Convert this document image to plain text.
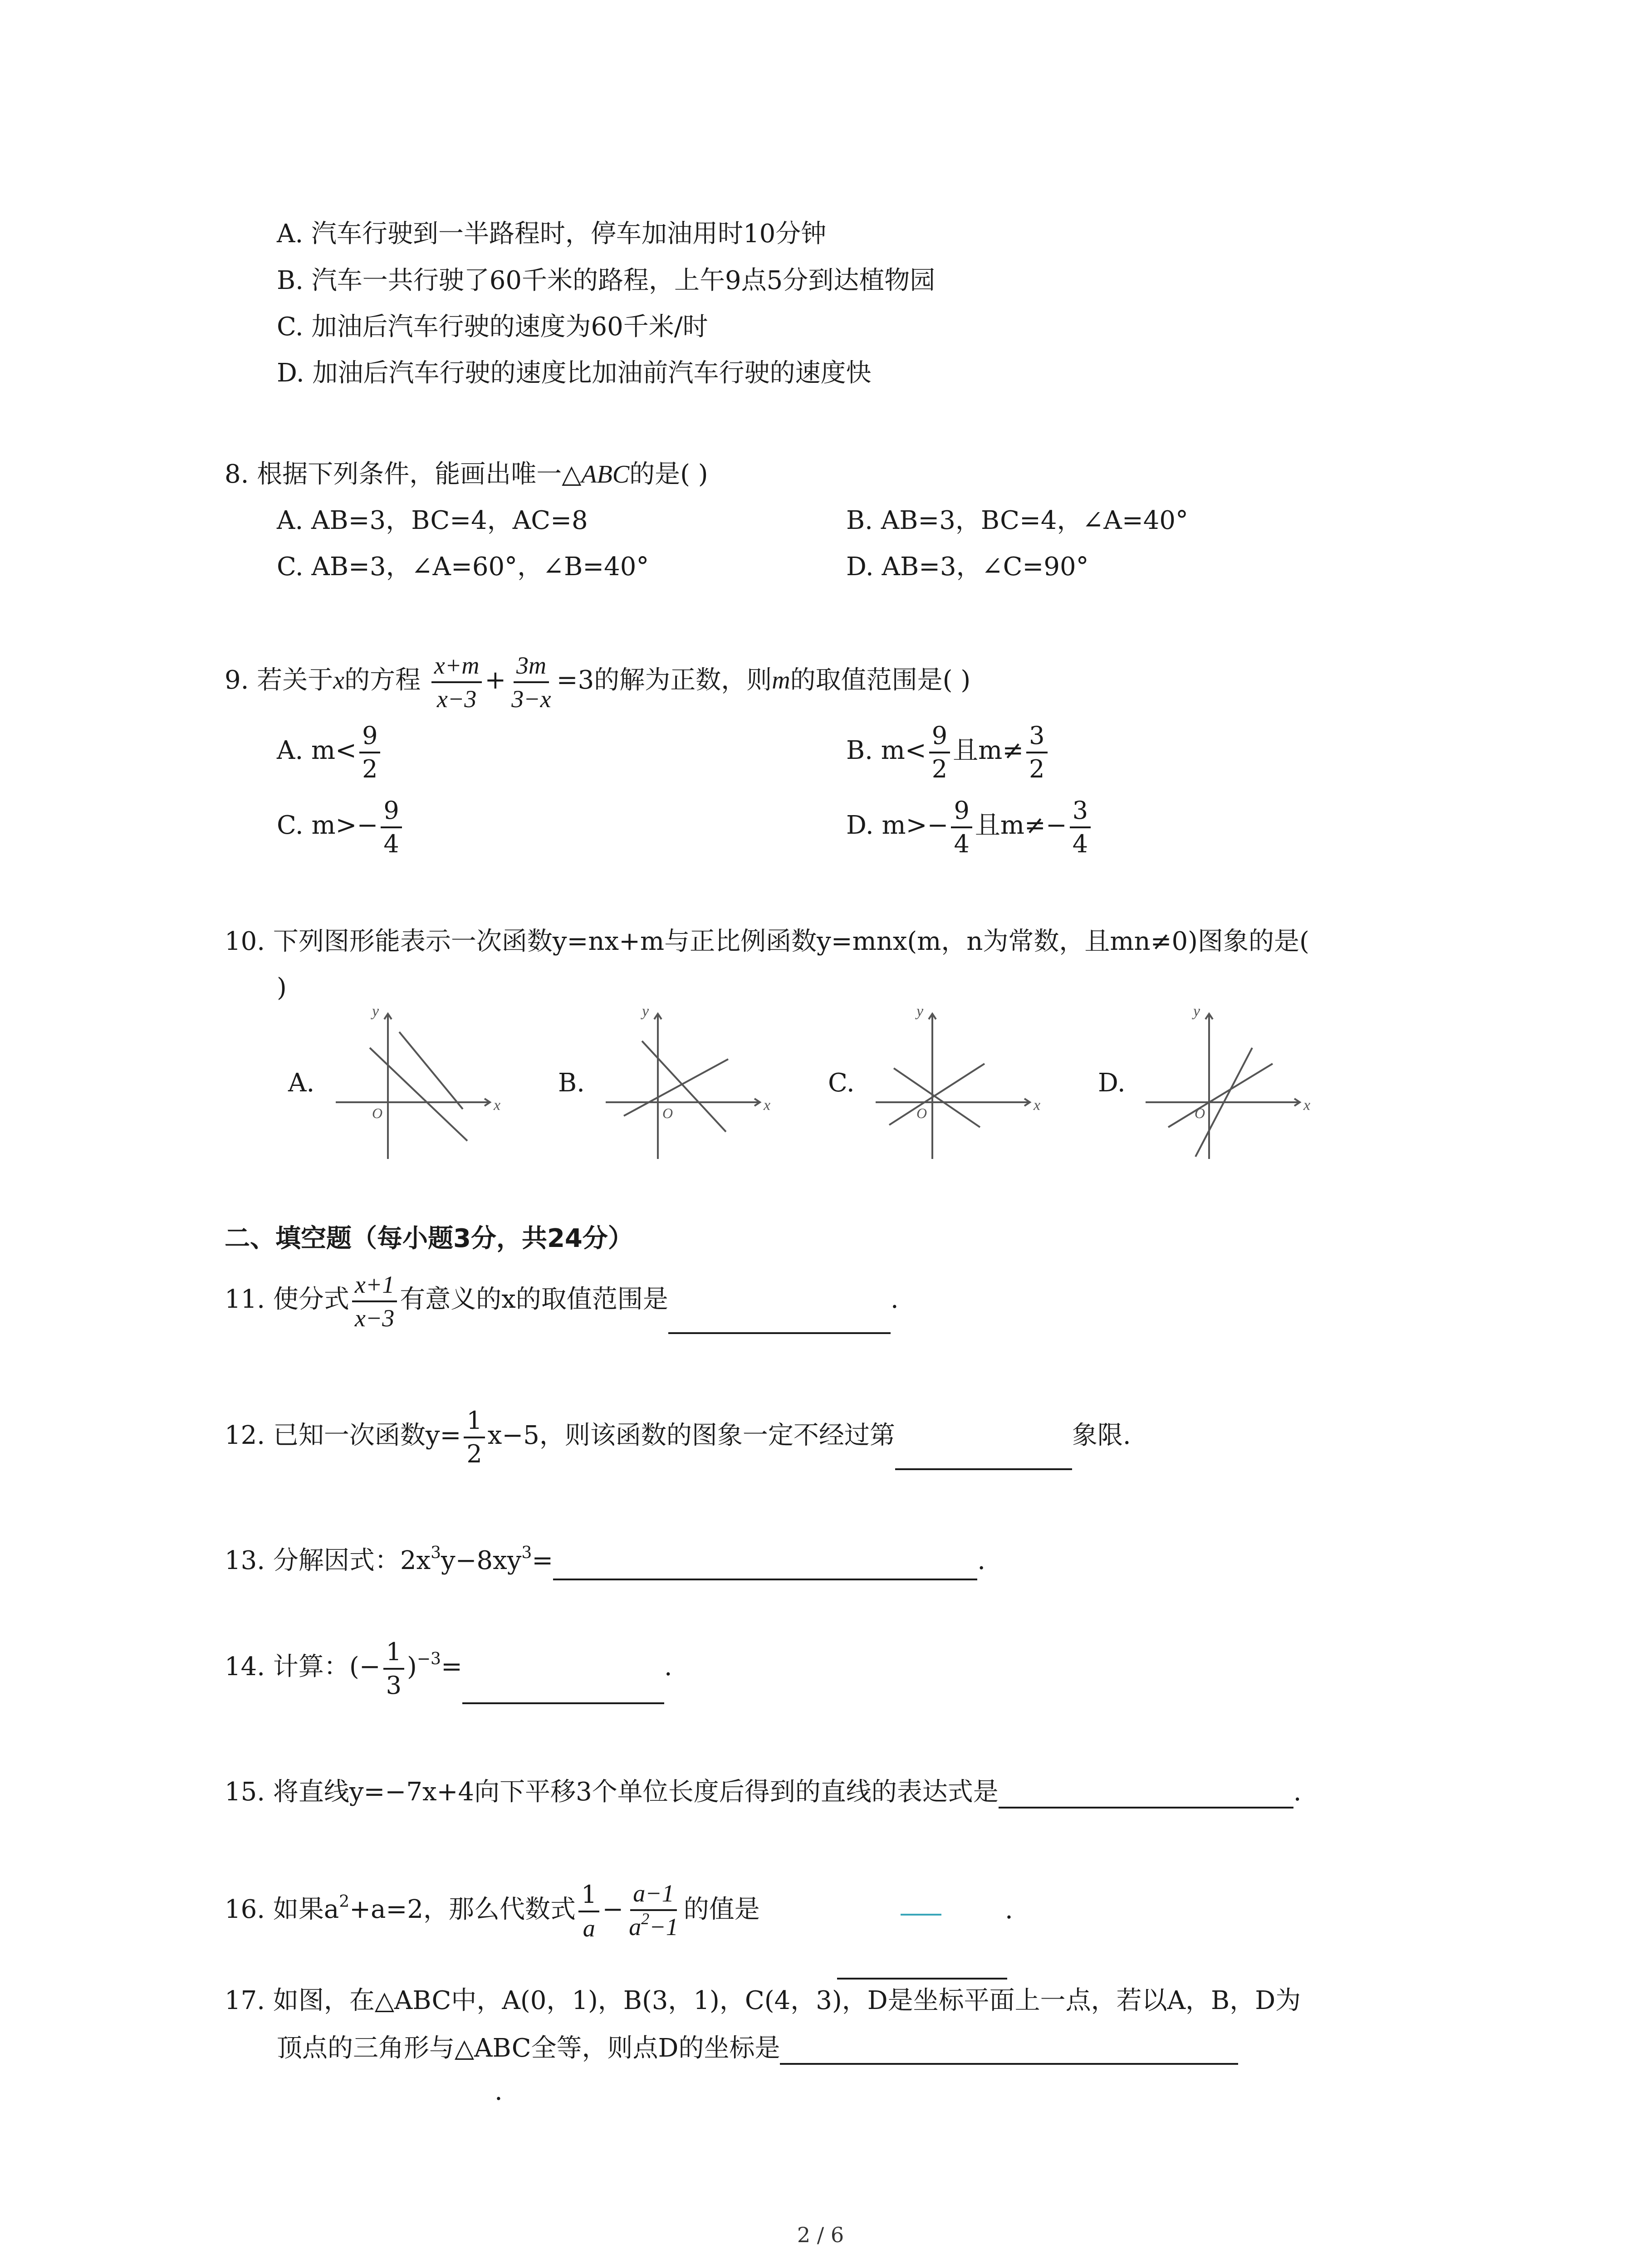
A. 汽车行驶到一半路程时，停车加油用时10分钟
B. 汽车一共行驶了60千米的路程，上午9点5分到达植物园
C. 加油后汽车行驶的速度为60千米/时
D. 加油后汽车行驶的速度比加油前汽车行驶的速度快
8. 根据下列条件，能画出唯一△ABC的是( )
A. AB=3，BC=4，AC=8	B. AB=3，BC=4，∠A=40°
C. AB=3，∠A=60°，∠B=40°	D. AB=3，∠C=90°
9. 若关于x的方程 $\frac{x+m}{x-3} + \frac{3m}{3-x} =3$的解为正数，则m的取值范围是( )
A. $m< \frac{9}{2}$	B. $m< \frac{9}{2}$ 且$m\ne \frac{3}{2}$
C. $m>- \frac{9}{4}$	D. $m>- \frac{9}{4}$ 且$m\ne- \frac{3}{4}$
10. 下列图形能表示一次函数y=nx+m与正比例函数y=mnx(m，n为常数，且mn≠0)图象的是(
)
A.	B.	C.	D.
y
x
O
y
x
O
y
x
O
y
x
O
二、填空题（每小题3分，共24分）
11. 使分式 $\frac{x+1}{x-3}$ 有意义的x的取值范围是	.
12. 已知一次函数$y= \frac{1}{2} x-5$，则该函数的图象一定不经过第	象限.
13. 分解因式：$2x^3y-8xy^3=$	.
14. 计算：(− $\frac{1}{3} )^{-3}=$	.
15. 将直线y=−7x+4向下平移3个单位长度后得到的直线的表达式是	.
16. 如果$a^2+a=2$，那么代数式 $\frac{1}{a} - \frac{a-1}{a^2-1}$ 的值是	.
17. 如图，在△ABC中，A(0，1)，B(3，1)，C(4，3)，D是坐标平面上一点，若以A，B，D为
顶点的三角形与△ABC全等，则点D的坐标是
.
2 / 6
